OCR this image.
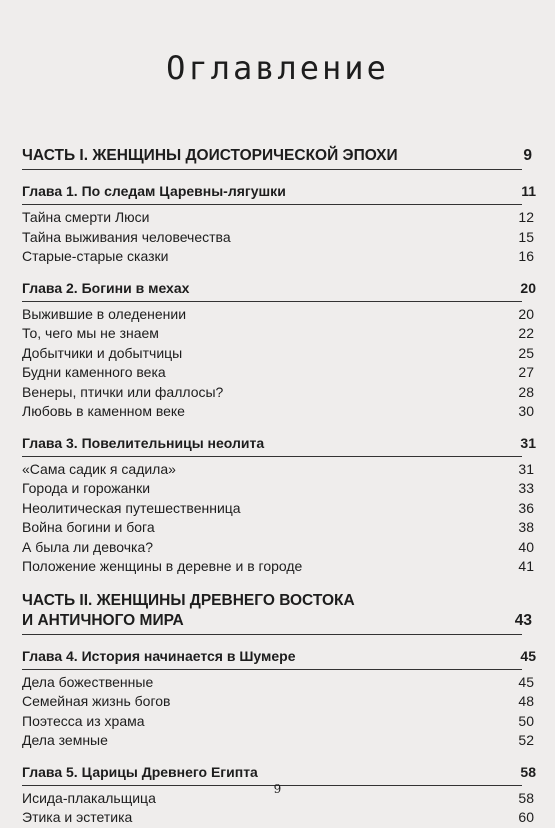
Оглавление
ЧАСТЬ I. ЖЕНЩИНЫ ДОИСТОРИЧЕСКОЙ ЭПОХИ	9
Глава 1. По следам Царевны-лягушки	11
Тайна смерти Люси	12
Тайна выживания человечества	15
Старые-старые сказки	16
Глава 2. Богини в мехах	20
Выжившие в оледенении	20
То, чего мы не знаем	22
Добытчики и добытчицы	25
Будни каменного века	27
Венеры, птички или фаллосы?	28
Любовь в каменном веке	30
Глава 3. Повелительницы неолита	31
«Сама садик я садила»	31
Города и горожанки	33
Неолитическая путешественница	36
Война богини и бога	38
А была ли девочка?	40
Положение женщины в деревне и в городе	41
ЧАСТЬ II. ЖЕНЩИНЫ ДРЕВНЕГО ВОСТОКА
И АНТИЧНОГО МИРА	43
Глава 4. История начинается в Шумере	45
Дела божественные	45
Семейная жизнь богов	48
Поэтесса из храма	50
Дела земные	52
Глава 5. Царицы Древнего Египта	58
Исида-плакальщица	58
Этика и эстетика	60
9
